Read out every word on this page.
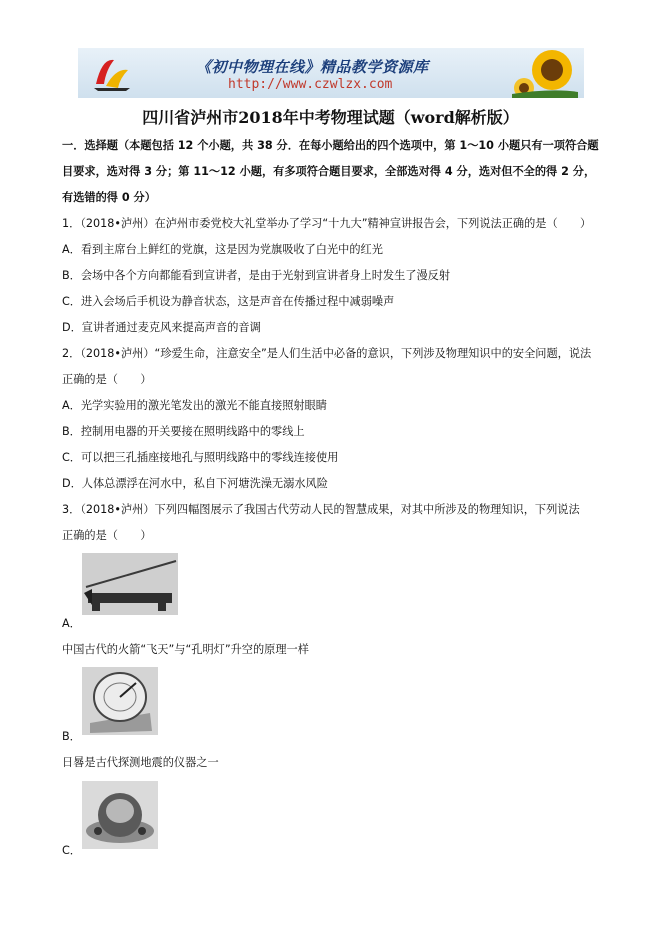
《初中物理在线》精品教学资源库
http://www.czwlzx.com
四川省泸州市2018年中考物理试题（word解析版）
一．选择题（本题包括 12 个小题，共 38 分．在每小题给出的四个选项中，第 1～10 小题只有一项符合题
目要求，选对得 3 分；第 11～12 小题，有多项符合题目要求，全部选对得 4 分，选对但不全的得 2 分，
有选错的得 0 分）
1．（2018•泸州）在泸州市委党校大礼堂举办了学习“十九大”精神宣讲报告会，下列说法正确的是（　　）
A．看到主席台上鲜红的党旗，这是因为党旗吸收了白光中的红光
B．会场中各个方向都能看到宣讲者，是由于光射到宣讲者身上时发生了漫反射
C．进入会场后手机设为静音状态，这是声音在传播过程中减弱噪声
D．宣讲者通过麦克风来提高声音的音调
2．（2018•泸州）“珍爱生命，注意安全”是人们生活中必备的意识，下列涉及物理知识中的安全问题，说法
正确的是（　　）
A．光学实验用的激光笔发出的激光不能直接照射眼睛
B．控制用电器的开关要接在照明线路中的零线上
C．可以把三孔插座接地孔与照明线路中的零线连接使用
D．人体总漂浮在河水中，私自下河塘洗澡无溺水风险
3．（2018•泸州）下列四幅图展示了我国古代劳动人民的智慧成果，对其中所涉及的物理知识，下列说法
正确的是（　　）
A．
中国古代的火箭“飞天”与“孔明灯”升空的原理一样
B．
日晷是古代探测地震的仪器之一
C．
